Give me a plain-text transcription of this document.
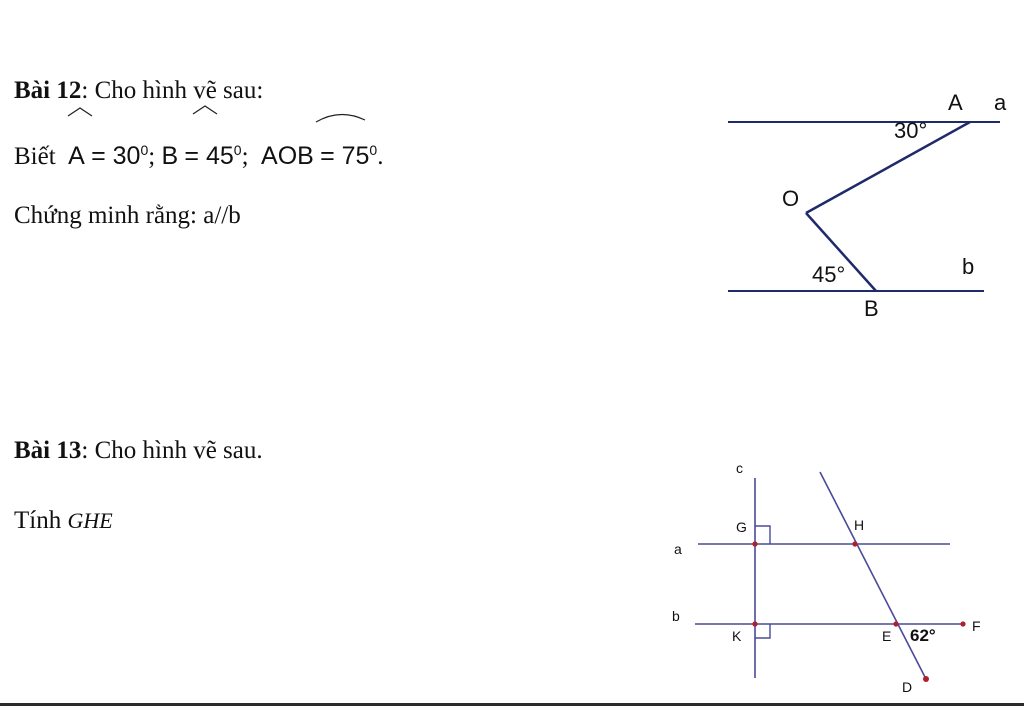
Bài 12: Cho hình vẽ sau:
Biết $A = 30^0$; $B = 45^0$; AOB = $75^0$.
Chứng minh rằng: a//b
A a
30°
O
45°	b
B
Bài 13: Cho hình vẽ sau.
Tính GHE
c
G	H
a
b
K	E 62°	F
D
